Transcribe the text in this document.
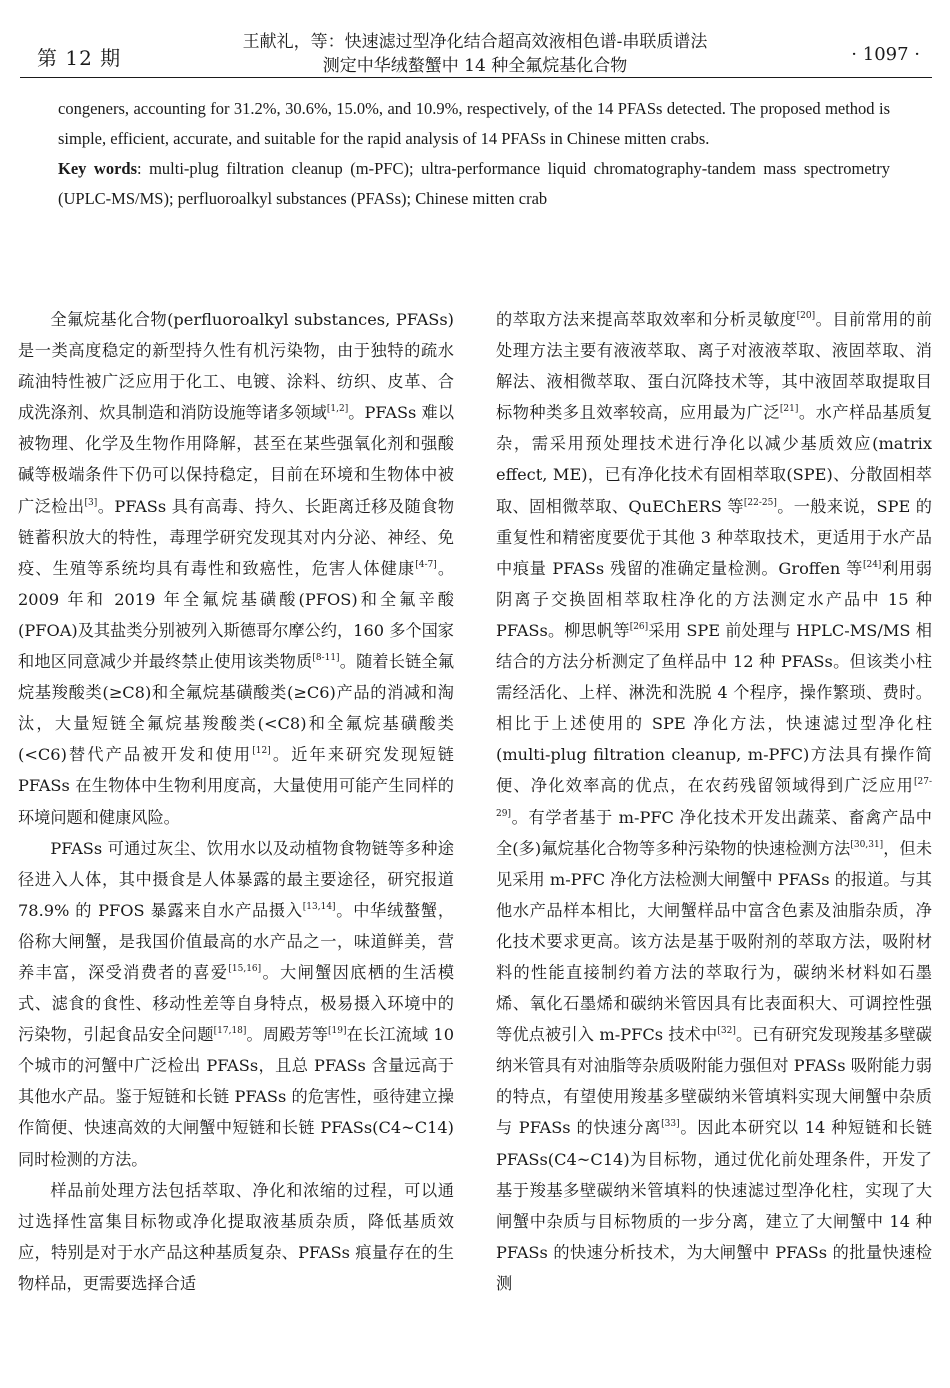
第 12 期
王献礼，等：快速滤过型净化结合超高效液相色谱-串联质谱法
测定中华绒螯蟹中 14 种全氟烷基化合物
· 1097 ·

congeners, accounting for 31.2%, 30.6%, 15.0%, and 10.9%, respectively, of the 14 PFASs detected. The proposed method is simple, efficient, accurate, and suitable for the rapid analysis of 14 PFASs in Chinese mitten crabs.

Key words: multi-plug filtration cleanup (m-PFC); ultra-performance liquid chromatography-tandem mass spectrometry (UPLC-MS/MS); perfluoroalkyl substances (PFASs); Chinese mitten crab

全氟烷基化合物(perfluoroalkyl substances, PFASs)是一类高度稳定的新型持久性有机污染物，由于独特的疏水疏油特性被广泛应用于化工、电镀、涂料、纺织、皮革、合成洗涤剂、炊具制造和消防设施等诸多领域[1,2]。PFASs 难以被物理、化学及生物作用降解，甚至在某些强氧化剂和强酸碱等极端条件下仍可以保持稳定，目前在环境和生物体中被广泛检出[3]。PFASs 具有高毒、持久、长距离迁移及随食物链蓄积放大的特性，毒理学研究发现其对内分泌、神经、免疫、生殖等系统均具有毒性和致癌性，危害人体健康[4-7]。2009 年和 2019 年全氟烷基磺酸(PFOS)和全氟辛酸(PFOA)及其盐类分别被列入斯德哥尔摩公约，160 多个国家和地区同意减少并最终禁止使用该类物质[8-11]。随着长链全氟烷基羧酸类(≥C8)和全氟烷基磺酸类(≥C6)产品的消减和淘汰，大量短链全氟烷基羧酸类(<C8)和全氟烷基磺酸类(<C6)替代产品被开发和使用[12]。近年来研究发现短链 PFASs 在生物体中生物利用度高，大量使用可能产生同样的环境问题和健康风险。

PFASs 可通过灰尘、饮用水以及动植物食物链等多种途径进入人体，其中摄食是人体暴露的最主要途径，研究报道 78.9% 的 PFOS 暴露来自水产品摄入[13,14]。中华绒螯蟹，俗称大闸蟹，是我国价值最高的水产品之一，味道鲜美，营养丰富，深受消费者的喜爱[15,16]。大闸蟹因底栖的生活模式、滤食的食性、移动性差等自身特点，极易摄入环境中的污染物，引起食品安全问题[17,18]。周殿芳等[19]在长江流域 10 个城市的河蟹中广泛检出 PFASs，且总 PFASs 含量远高于其他水产品。鉴于短链和长链 PFASs 的危害性，亟待建立操作简便、快速高效的大闸蟹中短链和长链 PFASs(C4~C14)同时检测的方法。

样品前处理方法包括萃取、净化和浓缩的过程，可以通过选择性富集目标物或净化提取液基质杂质，降低基质效应，特别是对于水产品这种基质复杂、PFASs 痕量存在的生物样品，更需要选择合适

的萃取方法来提高萃取效率和分析灵敏度[20]。目前常用的前处理方法主要有液液萃取、离子对液液萃取、液固萃取、消解法、液相微萃取、蛋白沉降技术等，其中液固萃取提取目标物种类多且效率较高，应用最为广泛[21]。水产样品基质复杂，需采用预处理技术进行净化以减少基质效应(matrix effect, ME)，已有净化技术有固相萃取(SPE)、分散固相萃取、固相微萃取、QuEChERS 等[22-25]。一般来说，SPE 的重复性和精密度要优于其他 3 种萃取技术，更适用于水产品中痕量 PFASs 残留的准确定量检测。Groffen 等[24]利用弱阴离子交换固相萃取柱净化的方法测定水产品中 15 种 PFASs。柳思帆等[26]采用 SPE 前处理与 HPLC-MS/MS 相结合的方法分析测定了鱼样品中 12 种 PFASs。但该类小柱需经活化、上样、淋洗和洗脱 4 个程序，操作繁琐、费时。相比于上述使用的 SPE 净化方法，快速滤过型净化柱(multi-plug filtration cleanup, m-PFC)方法具有操作简便、净化效率高的优点，在农药残留领域得到广泛应用[27-29]。有学者基于 m-PFC 净化技术开发出蔬菜、畜禽产品中全(多)氟烷基化合物等多种污染物的快速检测方法[30,31]，但未见采用 m-PFC 净化方法检测大闸蟹中 PFASs 的报道。与其他水产品样本相比，大闸蟹样品中富含色素及油脂杂质，净化技术要求更高。该方法是基于吸附剂的萃取方法，吸附材料的性能直接制约着方法的萃取行为，碳纳米材料如石墨烯、氧化石墨烯和碳纳米管因具有比表面积大、可调控性强等优点被引入 m-PFCs 技术中[32]。已有研究发现羧基多壁碳纳米管具有对油脂等杂质吸附能力强但对 PFASs 吸附能力弱的特点，有望使用羧基多壁碳纳米管填料实现大闸蟹中杂质与 PFASs 的快速分离[33]。因此本研究以 14 种短链和长链 PFASs(C4~C14)为目标物，通过优化前处理条件，开发了基于羧基多壁碳纳米管填料的快速滤过型净化柱，实现了大闸蟹中杂质与目标物质的一步分离，建立了大闸蟹中 14 种 PFASs 的快速分析技术，为大闸蟹中 PFASs 的批量快速检测
